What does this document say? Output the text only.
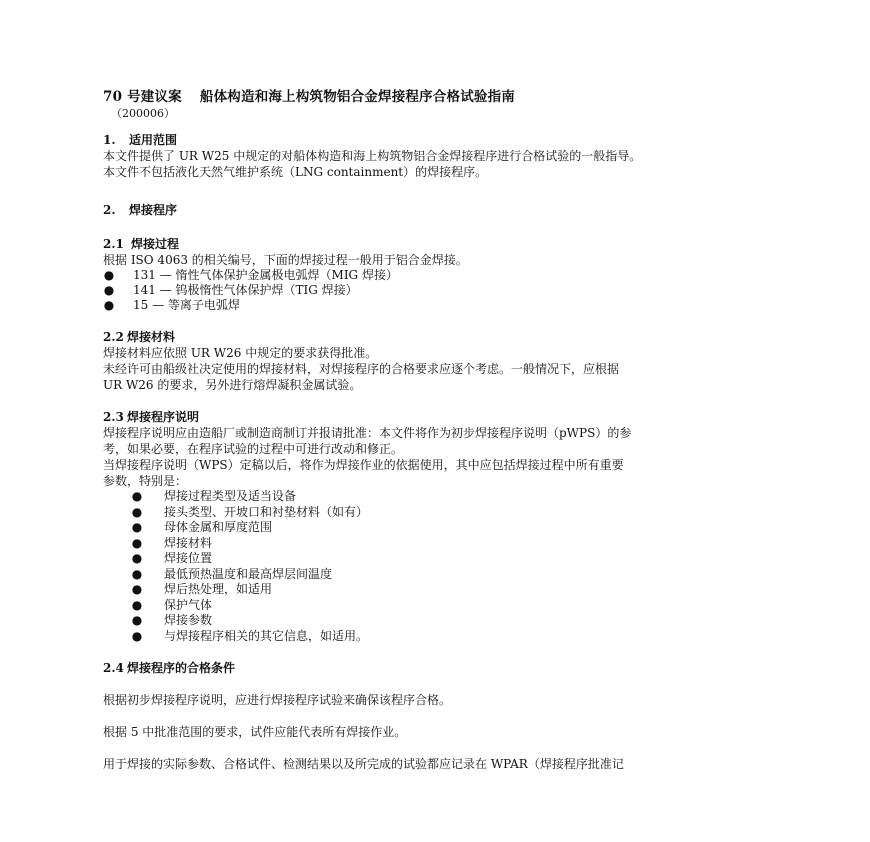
70 号建议案 船体构造和海上构筑物铝合金焊接程序合格试验指南
（200006）
1. 适用范围

本文件提供了 UR W25 中规定的对船体构造和海上构筑物铝合金焊接程序进行合格试验的一般指导。

本文件不包括液化天然气维护系统（LNG containment）的焊接程序。

2. 焊接程序
2.1 焊接过程

根据 ISO 4063 的相关编号，下面的焊接过程一般用于铝合金焊接。

● 131 — 惰性气体保护金属极电弧焊（MIG 焊接）
● 141 — 钨极惰性气体保护焊（TIG 焊接）
● 15 — 等离子电弧焊
2.2 焊接材料

焊接材料应依照 UR W26 中规定的要求获得批准。

未经许可由船级社决定使用的焊接材料，对焊接程序的合格要求应逐个考虑。一般情况下，应根据

UR W26 的要求，另外进行熔焊凝积金属试验。

2.3 焊接程序说明

焊接程序说明应由造船厂或制造商制订并报请批准：本文件将作为初步焊接程序说明（pWPS）的参

考，如果必要，在程序试验的过程中可进行改动和修正。

当焊接程序说明（WPS）定稿以后，将作为焊接作业的依据使用，其中应包括焊接过程中所有重要

参数，特别是：

● 焊接过程类型及适当设备
● 接头类型、开坡口和衬垫材料（如有）
● 母体金属和厚度范围
● 焊接材料
● 焊接位置
● 最低预热温度和最高焊层间温度
● 焊后热处理，如适用
● 保护气体
● 焊接参数
● 与焊接程序相关的其它信息，如适用。
2.4 焊接程序的合格条件

根据初步焊接程序说明，应进行焊接程序试验来确保该程序合格。

根据 5 中批准范围的要求，试件应能代表所有焊接作业。

用于焊接的实际参数、合格试件、检测结果以及所完成的试验都应记录在 WPAR（焊接程序批准记
